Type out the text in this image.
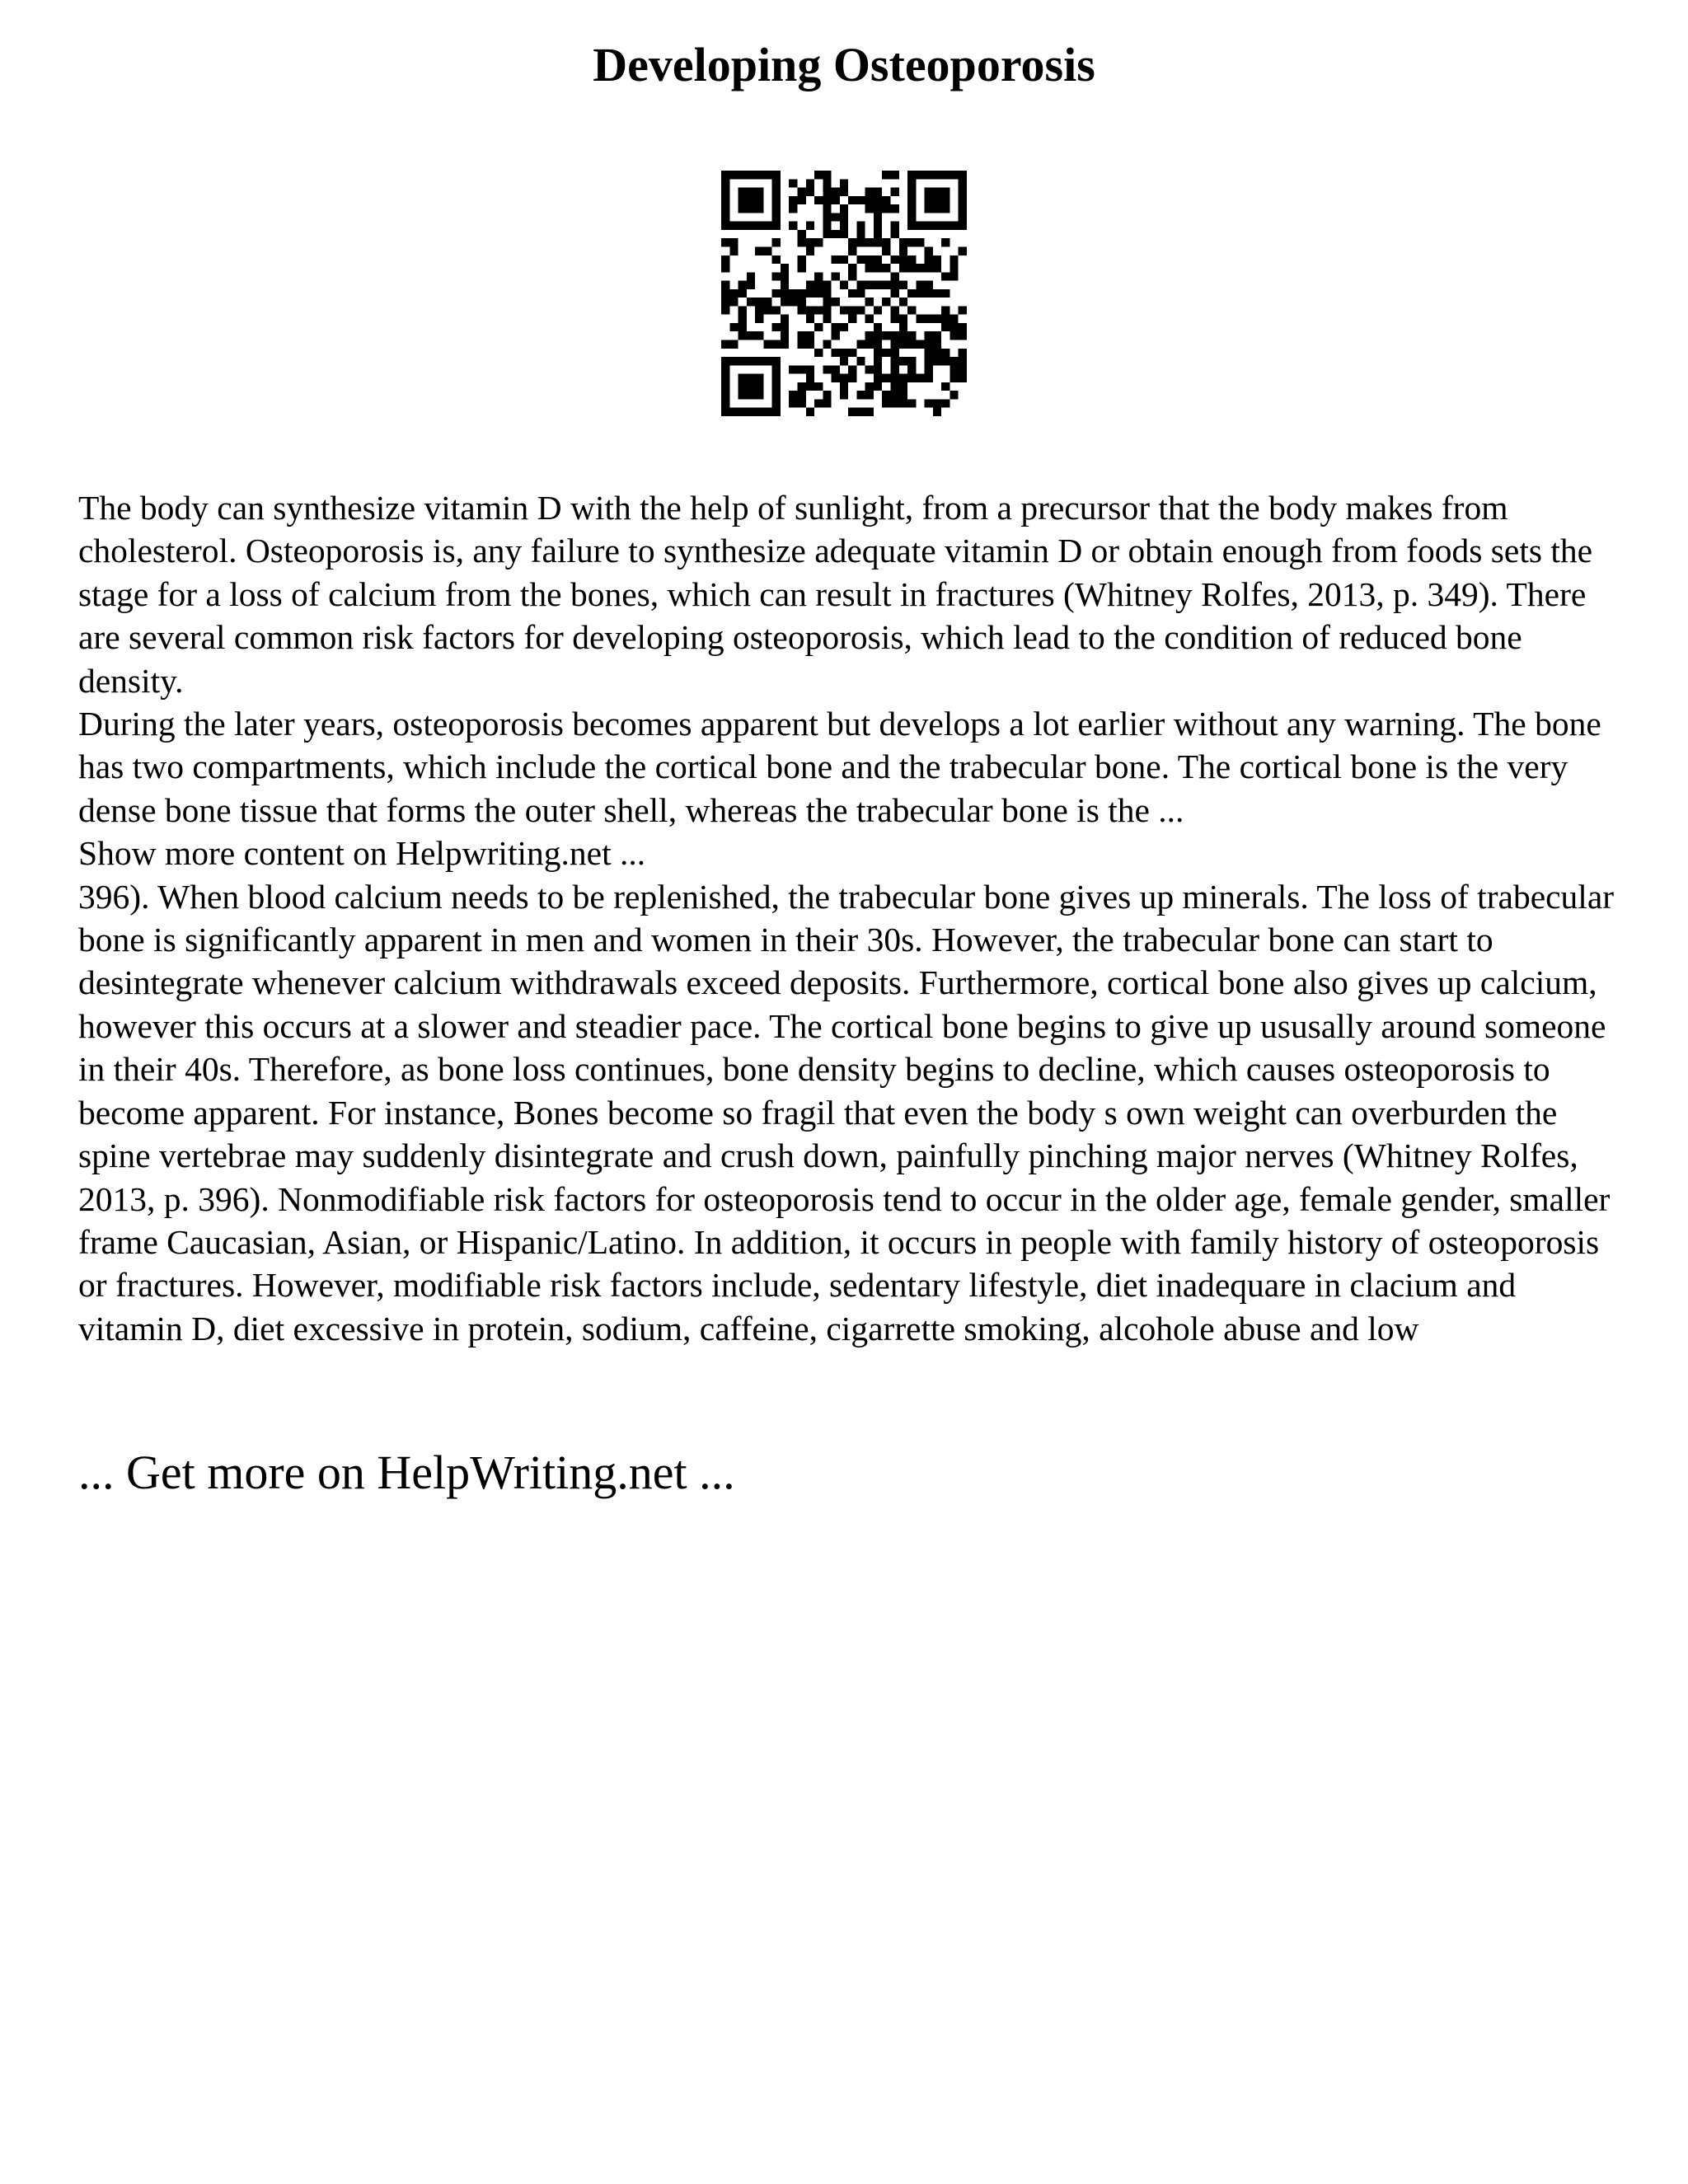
Developing Osteoporosis

The body can synthesize vitamin D with the help of sunlight, from a precursor that the body makes from cholesterol. Osteoporosis is, any failure to synthesize adequate vitamin D or obtain enough from foods sets the stage for a loss of calcium from the bones, which can result in fractures (Whitney Rolfes, 2013, p. 349). There are several common risk factors for developing osteoporosis, which lead to the condition of reduced bone density.

During the later years, osteoporosis becomes apparent but develops a lot earlier without any warning. The bone has two compartments, which include the cortical bone and the trabecular bone. The cortical bone is the very dense bone tissue that forms the outer shell, whereas the trabecular bone is the ...

Show more content on Helpwriting.net ...

396). When blood calcium needs to be replenished, the trabecular bone gives up minerals. The loss of trabecular bone is significantly apparent in men and women in their 30s. However, the trabecular bone can start to desintegrate whenever calcium withdrawals exceed deposits. Furthermore, cortical bone also gives up calcium, however this occurs at a slower and steadier pace. The cortical bone begins to give up ususally around someone in their 40s. Therefore, as bone loss continues, bone density begins to decline, which causes osteoporosis to become apparent. For instance, Bones become so fragil that even the body s own weight can overburden the spine vertebrae may suddenly disintegrate and crush down, painfully pinching major nerves (Whitney Rolfes, 2013, p. 396). Nonmodifiable risk factors for osteoporosis tend to occur in the older age, female gender, smaller frame Caucasian, Asian, or Hispanic/Latino. In addition, it occurs in people with family history of osteoporosis or fractures. However, modifiable risk factors include, sedentary lifestyle, diet inadequare in clacium and vitamin D, diet excessive in protein, sodium, caffeine, cigarrette smoking, alcohole abuse and low

... Get more on HelpWriting.net ...
